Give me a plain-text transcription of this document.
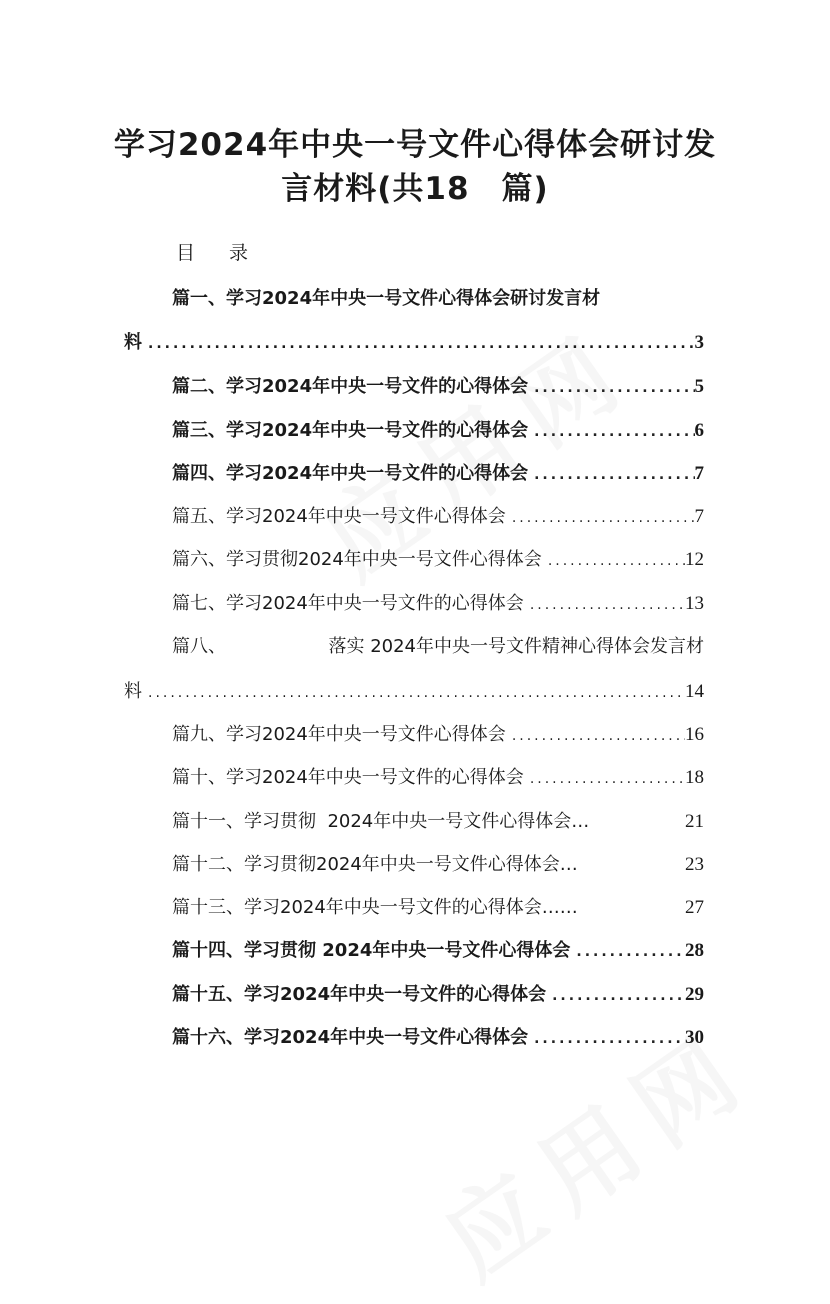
学习2024年中央一号文件心得体会研讨发
言材料(共18　篇)
目 录
篇一、学习2024年中央一号文件心得体会研讨发言材
料 .....	3
篇二、学习2024年中央一号文件的心得体会 .....	5
篇三、学习2024年中央一号文件的心得体会 .....	6
篇四、学习2024年中央一号文件的心得体会 .....	7
篇五、学习2024年中央一号文件心得体会 .....	7
篇六、学习贯彻2024年中央一号文件心得体会 .....	12
篇七、学习2024年中央一号文件的心得体会 .....	13
篇八、	落实 2024年中央一号文件精神心得体会发言材
料 .....	14
篇九、学习2024年中央一号文件心得体会 .....	16
篇十、学习2024年中央一号文件的心得体会 .....	18
篇十一、学习贯彻  2024年中央一号文件心得体会…	21
篇十二、学习贯彻2024年中央一号文件心得体会…	23
篇十三、学习2024年中央一号文件的心得体会……	27
篇十四、学习贯彻 2024年中央一号文件心得体会 .....	28
篇十五、学习2024年中央一号文件的心得体会 .....	29
篇十六、学习2024年中央一号文件心得体会 .....	30
